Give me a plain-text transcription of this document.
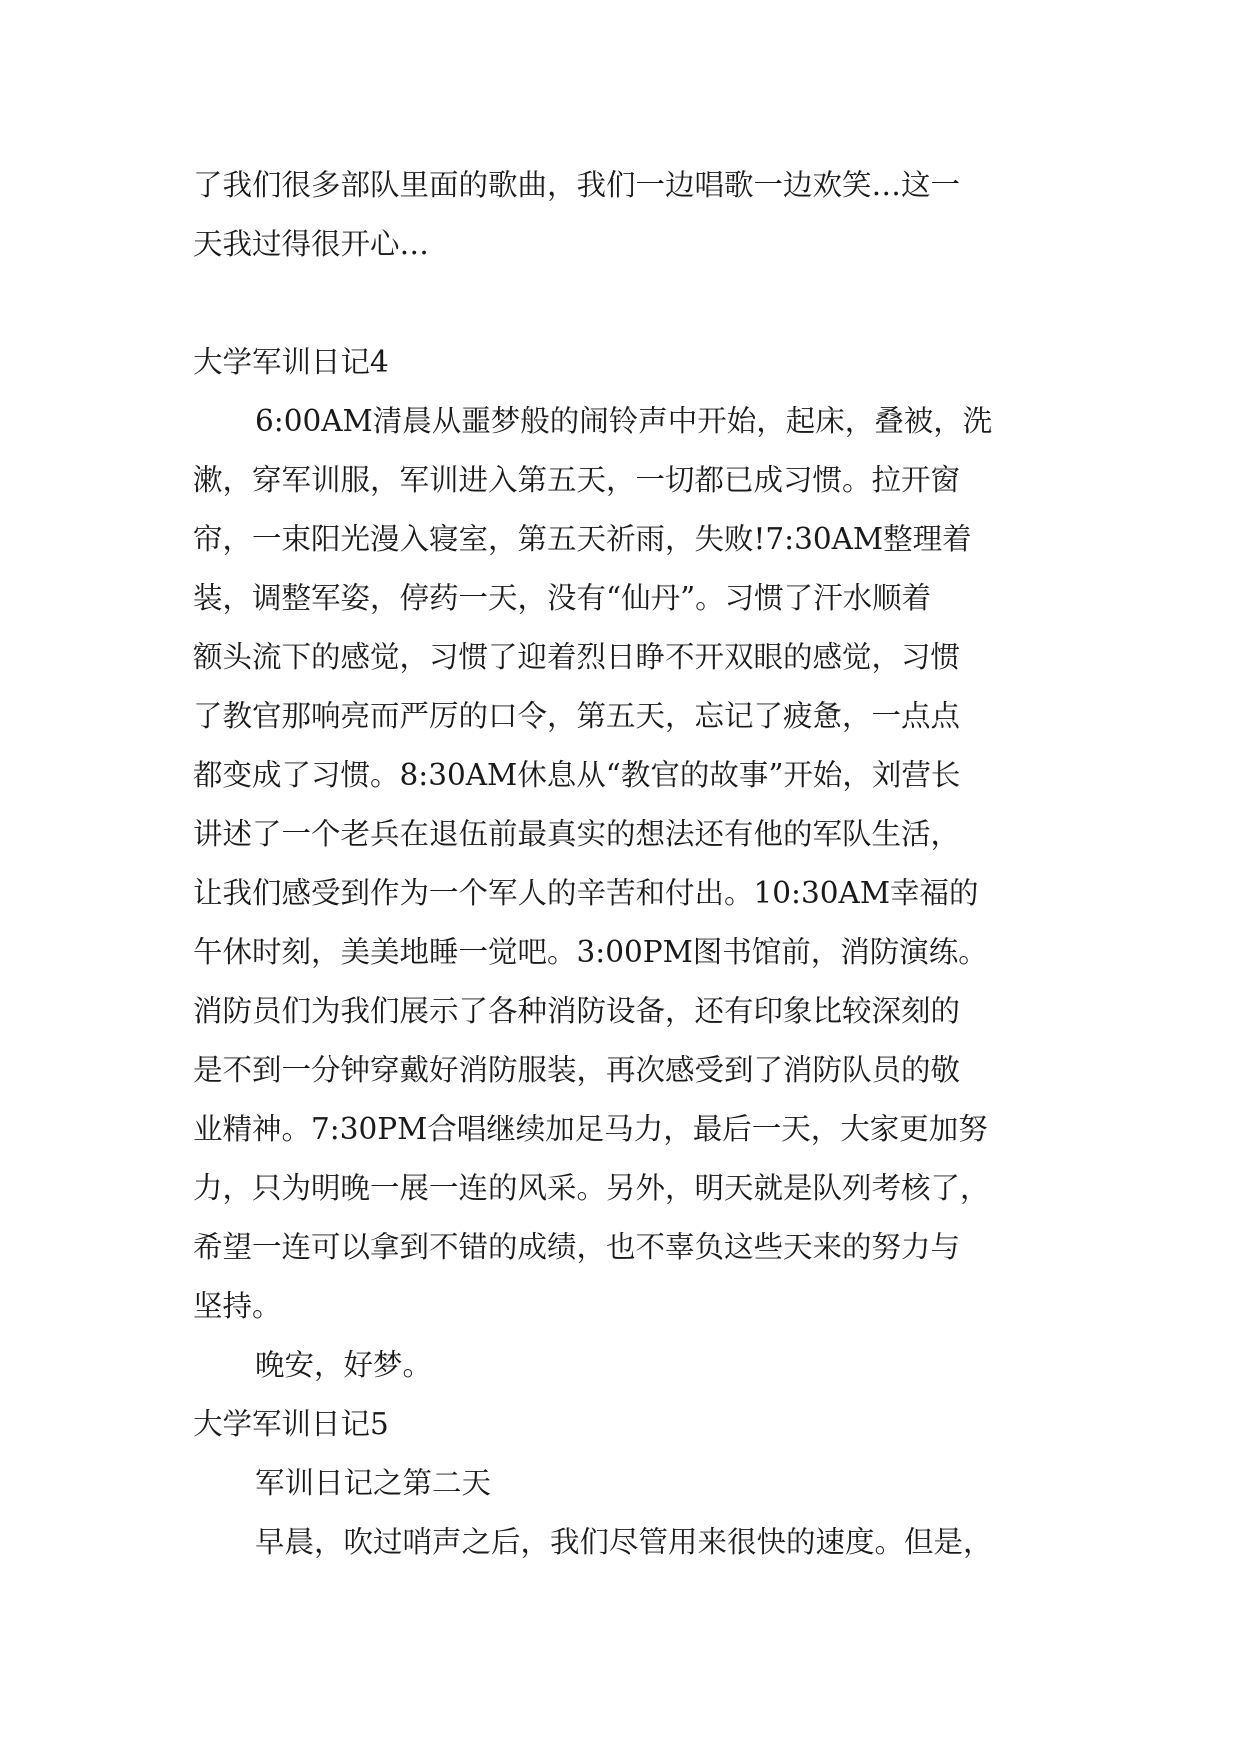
了我们很多部队里面的歌曲，我们一边唱歌一边欢笑…这一

天我过得很开心…

大学军训日记4

6:00AM清晨从噩梦般的闹铃声中开始，起床，叠被，洗

漱，穿军训服，军训进入第五天，一切都已成习惯。拉开窗

帘，一束阳光漫入寝室，第五天祈雨，失败!7:30AM整理着

装，调整军姿，停药一天，没有“仙丹”。习惯了汗水顺着

额头流下的感觉，习惯了迎着烈日睁不开双眼的感觉，习惯

了教官那响亮而严厉的口令，第五天，忘记了疲惫，一点点

都变成了习惯。8:30AM休息从“教官的故事”开始，刘营长

讲述了一个老兵在退伍前最真实的想法还有他的军队生活，

让我们感受到作为一个军人的辛苦和付出。10:30AM幸福的

午休时刻，美美地睡一觉吧。3:00PM图书馆前，消防演练。

消防员们为我们展示了各种消防设备，还有印象比较深刻的

是不到一分钟穿戴好消防服装，再次感受到了消防队员的敬

业精神。7:30PM合唱继续加足马力，最后一天，大家更加努

力，只为明晚一展一连的风采。另外，明天就是队列考核了，

希望一连可以拿到不错的成绩，也不辜负这些天来的努力与

坚持。

晚安，好梦。

大学军训日记5

军训日记之第二天

早晨，吹过哨声之后，我们尽管用来很快的速度。但是，
